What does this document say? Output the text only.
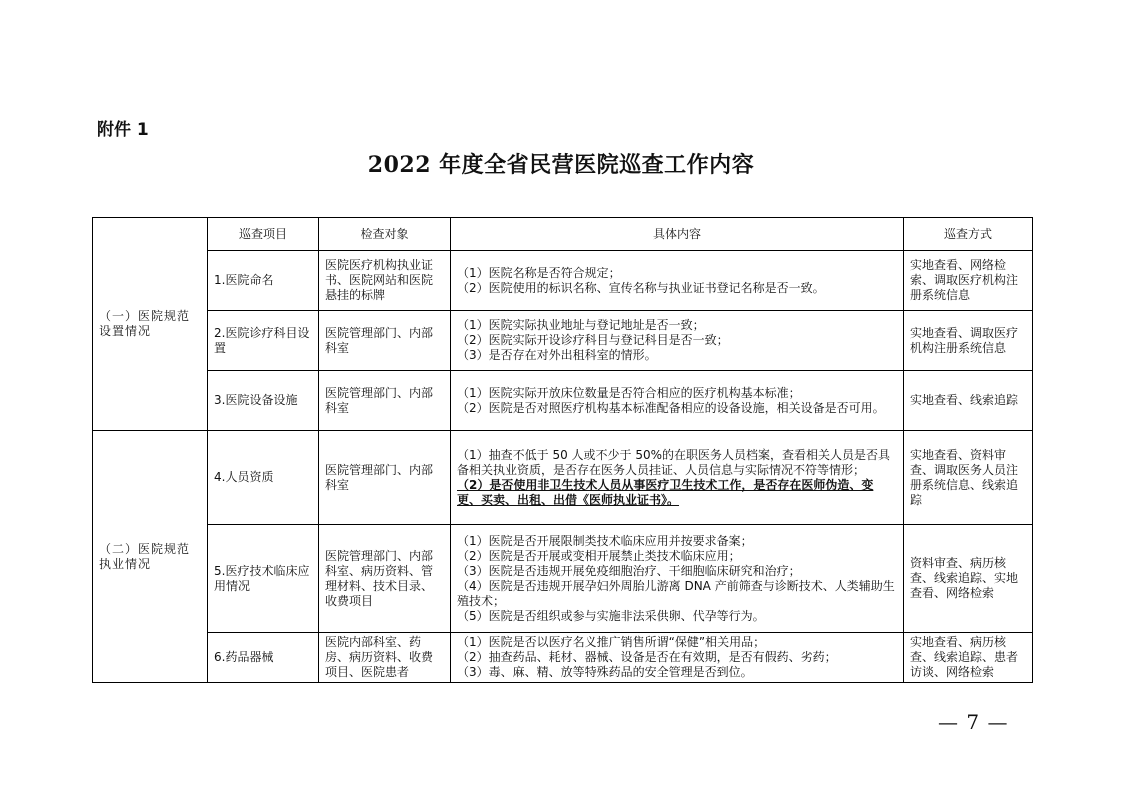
附件 1
2022 年度全省民营医院巡查工作内容
（一）医院规范设置情况	巡查项目	检查对象	具体内容	巡查方式
	1.医院命名	医院医疗机构执业证书、医院网站和医院悬挂的标牌	（1）医院名称是否符合规定；
（2）医院使用的标识名称、宣传名称与执业证书登记名称是否一致。	实地查看、网络检索、调取医疗机构注册系统信息
	2.医院诊疗科目设置	医院管理部门、内部科室	（1）医院实际执业地址与登记地址是否一致；
（2）医院实际开设诊疗科目与登记科目是否一致；
（3）是否存在对外出租科室的情形。	实地查看、调取医疗机构注册系统信息
	3.医院设备设施	医院管理部门、内部科室	（1）医院实际开放床位数量是否符合相应的医疗机构基本标准；
（2）医院是否对照医疗机构基本标准配备相应的设备设施，相关设备是否可用。	实地查看、线索追踪
（二）医院规范执业情况	4.人员资质	医院管理部门、内部科室	（1）抽查不低于 50 人或不少于 50%的在职医务人员档案，查看相关人员是否具备相关执业资质，是否存在医务人员挂证、人员信息与实际情况不符等情形；
（2）是否使用非卫生技术人员从事医疗卫生技术工作，是否存在医师伪造、变更、买卖、出租、出借《医师执业证书》。	实地查看、资料审查、调取医务人员注册系统信息、线索追踪
	5.医疗技术临床应用情况	医院管理部门、内部科室、病历资料、管理材料、技术目录、收费项目	（1）医院是否开展限制类技术临床应用并按要求备案；
（2）医院是否开展或变相开展禁止类技术临床应用；
（3）医院是否违规开展免疫细胞治疗、干细胞临床研究和治疗；
（4）医院是否违规开展孕妇外周胎儿游离 DNA 产前筛查与诊断技术、人类辅助生殖技术；
（5）医院是否组织或参与实施非法采供卵、代孕等行为。	资料审查、病历核查、线索追踪、实地查看、网络检索
	6.药品器械	医院内部科室、药房、病历资料、收费项目、医院患者	（1）医院是否以医疗名义推广销售所谓“保健”相关用品；
（2）抽查药品、耗材、器械、设备是否在有效期，是否有假药、劣药；
（3）毒、麻、精、放等特殊药品的安全管理是否到位。	实地查看、病历核查、线索追踪、患者访谈、网络检索
— 7 —
